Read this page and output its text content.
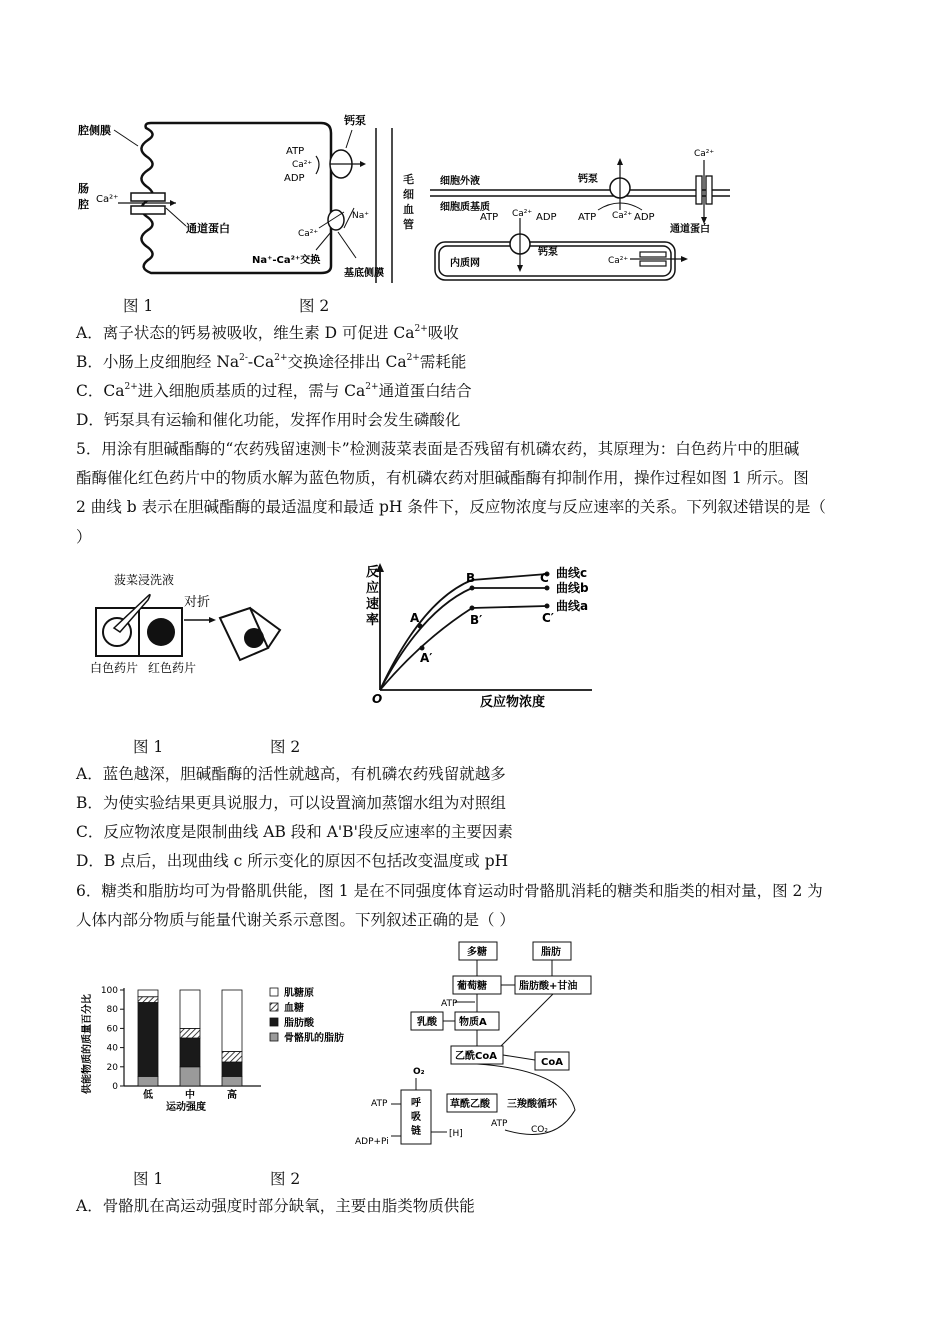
腔侧膜
肠
腔 Ca²⁺
通道蛋白
钙泵
ATP
Ca²⁺
ADP
Ca²⁺
Na⁺
Na⁺-Ca²⁺交换
基底侧膜
毛细血管
细胞外液
细胞质基质
钙泵
ATP Ca²⁺ ADP
Ca²⁺
通道蛋白
内质网
ATP Ca²⁺ ADP
钙泵
Ca²⁺
图 1	图 2
A．离子状态的钙易被吸收，维生素 D 可促进 $Ca^{2+}$吸收
B．小肠上皮细胞经 $Na^{2-}-Ca^{2+}$交换途径排出 $Ca^{2+}$需耗能
C．$Ca^{2+}$进入细胞质基质的过程，需与 $Ca^{2+}$通道蛋白结合
D．钙泵具有运输和催化功能，发挥作用时会发生磷酸化
5．用涂有胆碱酯酶的“农药残留速测卡”检测菠菜表面是否残留有机磷农药，其原理为：白色药片中的胆碱
酯酶催化红色药片中的物质水解为蓝色物质，有机磷农药对胆碱酯酶有抑制作用，操作过程如图 1 所示。图
2 曲线 b 表示在胆碱酯酶的最适温度和最适 pH 条件下，反应物浓度与反应速率的关系。下列叙述错误的是（
）
菠菜浸洗液
对折
白色药片 红色药片
反
应
速
率
O	反应物浓度
A
A′
B
B′
C
C′
曲线c
曲线b
曲线a
图 1	图 2
A．蓝色越深，胆碱酯酶的活性就越高，有机磷农药残留就越多
B．为使实验结果更具说服力，可以设置滴加蒸馏水组为对照组
C．反应物浓度是限制曲线 AB 段和 A'B'段反应速率的主要因素
D．B 点后，出现曲线 c 所示变化的原因不包括改变温度或 pH
6．糖类和脂肪均可为骨骼肌供能，图 1 是在不同强度体育运动时骨骼肌消耗的糖类和脂类的相对量，图 2 为
人体内部分物质与能量代谢关系示意图。下列叙述正确的是（ ）
供能物质的质量百分比 0
20
40
60
80
100
低	中	高
运动强度
肌糖原
血糖
脂肪酸
骨骼肌的脂肪
多糖	脂肪
葡萄糖	脂肪酸+甘油
ATP
乳酸 物质A
乙酰CoA
CoA
O₂
呼
吸
链
草酰乙酸 三羧酸循环
ATP
ADP+Pi
[H]
ATP
CO₂
图 1	图 2
A．骨骼肌在高运动强度时部分缺氧，主要由脂类物质供能
